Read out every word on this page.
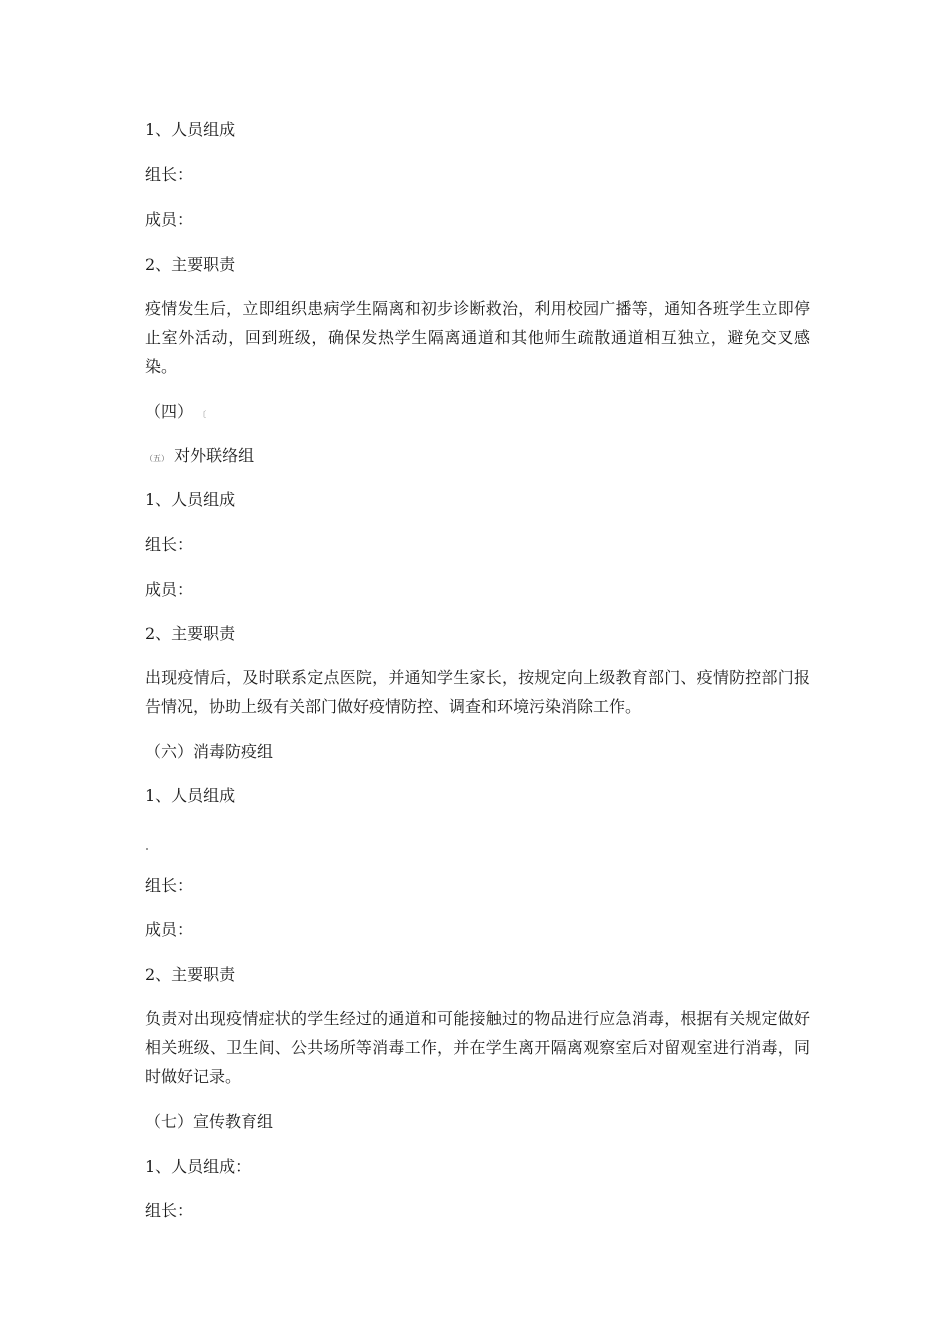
1、人员组成
组长：
成员：
2、主要职责
疫情发生后，立即组织患病学生隔离和初步诊断救治，利用校园广播等，通知各班学生立即停止室外活动，回到班级，确保发热学生隔离通道和其他师生疏散通道相互独立，避免交叉感染。
（四） 〔
（五） 对外联络组
1、人员组成
组长：
成员：
2、主要职责
出现疫情后，及时联系定点医院，并通知学生家长，按规定向上级教育部门、疫情防控部门报告情况，协助上级有关部门做好疫情防控、调查和环境污染消除工作。
（六）消毒防疫组
1、人员组成
组长：
成员：
2、主要职责
负责对出现疫情症状的学生经过的通道和可能接触过的物品进行应急消毒，根据有关规定做好相关班级、卫生间、公共场所等消毒工作，并在学生离开隔离观察室后对留观室进行消毒，同时做好记录。
（七）宣传教育组
1、人员组成：
组长：
